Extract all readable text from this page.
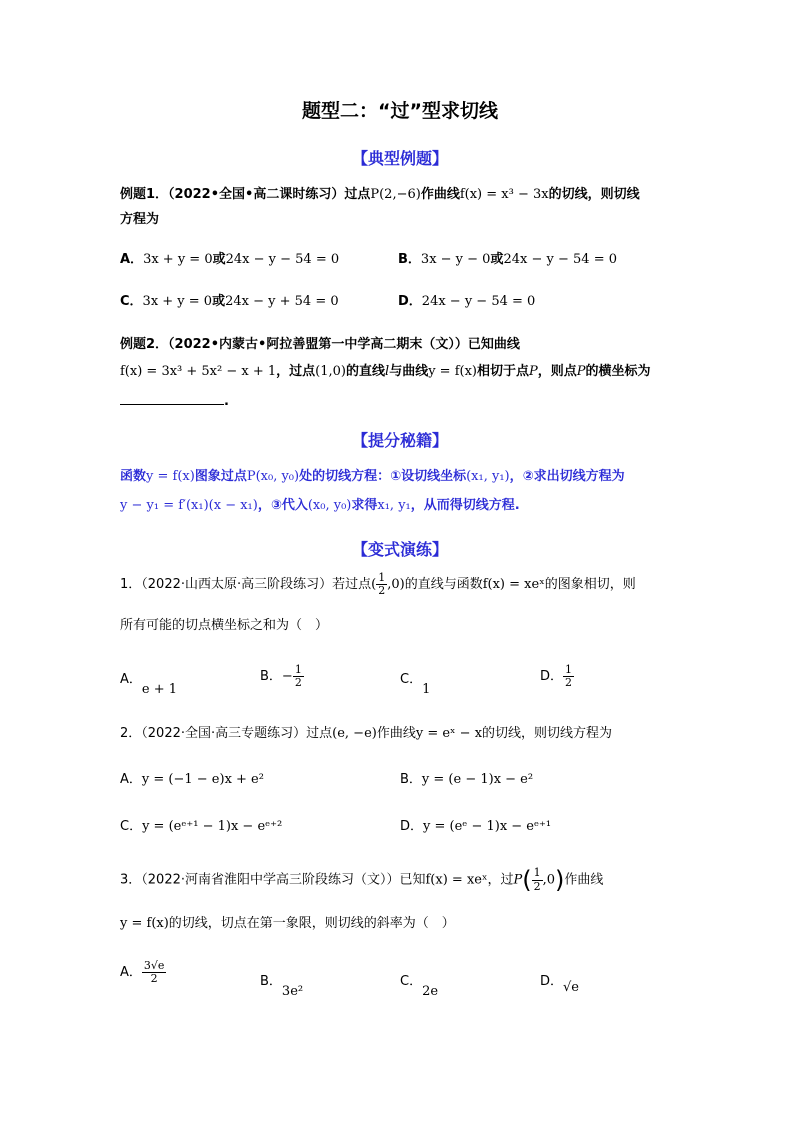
题型二：“过”型求切线
【典型例题】
例题1．（2022•全国•高二课时练习）过点P(2,−6)作曲线f(x) = x³ − 3x的切线，则切线
方程为
A．3x + y = 0或24x − y − 54 = 0	B．3x − y − 0或24x − y − 54 = 0
C．3x + y = 0或24x − y + 54 = 0	D．24x − y − 54 = 0
例题2．（2022•内蒙古•阿拉善盟第一中学高二期末（文））已知曲线
f(x) = 3x³ + 5x² − x + 1，过点(1,0)的直线l与曲线y = f(x)相切于点P，则点P的横坐标为
.
【提分秘籍】
函数y = f(x)图象过点P(x₀, y₀)处的切线方程：①设切线坐标(x₁, y₁)，②求出切线方程为
y − y₁ = f′(x₁)(x − x₁)，③代入(x₀, y₀)求得x₁, y₁，从而得切线方程.
【变式演练】
1．（2022·山西太原·高三阶段练习）若过点( $\frac{1}{2} ,0$)的直线与函数f(x) = xeˣ的图象相切，则
所有可能的切点横坐标之和为（　）
A．e + 1
B．− $\frac{1}{2}$	C．1
D． $\frac{1}{2}$
2．（2022·全国·高三专题练习）过点(e, −e)作曲线y = eˣ − x的切线，则切线方程为
A．y = (−1 − e)x + e²	B．y = (e − 1)x − e²
C．y = (eᵉ⁺¹ − 1)x − eᵉ⁺²	D．y = (eᵉ − 1)x − eᵉ⁺¹
3．（2022·河南省淮阳中学高三阶段练习（文））已知f(x) = xeˣ，过$P( \frac{1}{2} ,0)$作曲线
y = f(x)的切线，切点在第一象限，则切线的斜率为（　）
A． $\frac{3√e}{2}$	B．3e²
C．2e
D．√e
